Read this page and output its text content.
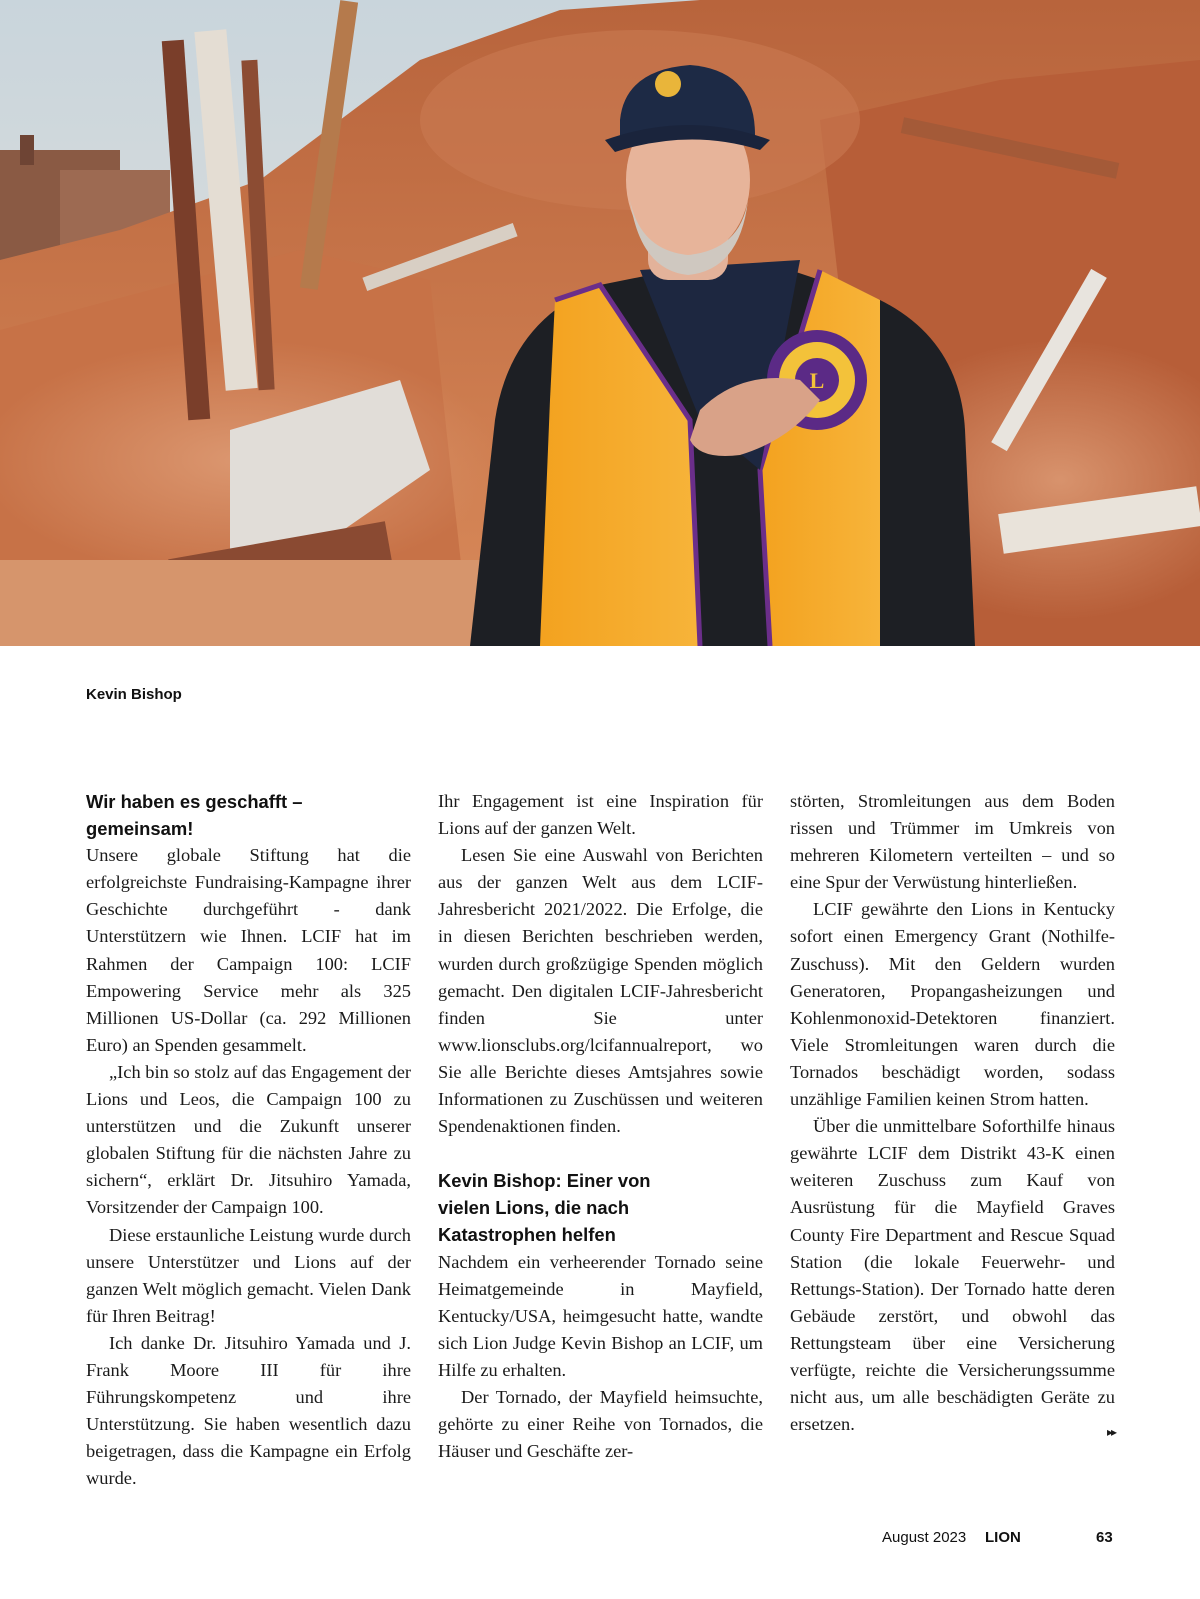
L
Kevin Bishop
Wir haben es geschafft – gemeinsam!

Unsere globale Stiftung hat die erfolgreichste Fundraising-Kampagne ihrer Geschichte durchgeführt - dank Unterstützern wie Ihnen. LCIF hat im Rahmen der Campaign 100: LCIF Empowering Service mehr als 325 Millionen US-Dollar (ca. 292 Millionen Euro) an Spenden gesammelt.

„Ich bin so stolz auf das Engagement der Lions und Leos, die Campaign 100 zu unterstützen und die Zukunft unserer globalen Stiftung für die nächsten Jahre zu sichern“, erklärt Dr. Jitsuhiro Yamada, Vorsitzender der Campaign 100.

Diese erstaunliche Leistung wurde durch unsere Unterstützer und Lions auf der ganzen Welt möglich gemacht. Vielen Dank für Ihren Beitrag!

Ich danke Dr. Jitsuhiro Yamada und J. Frank Moore III für ihre Führungskompetenz und ihre Unterstützung. Sie haben wesentlich dazu beigetragen, dass die Kampagne ein Erfolg wurde.

Ihr Engagement ist eine Inspiration für Lions auf der ganzen Welt.

Lesen Sie eine Auswahl von Berichten aus der ganzen Welt aus dem LCIF-Jahresbericht 2021/2022. Die Erfolge, die in diesen Berichten beschrieben werden, wurden durch großzügige Spenden möglich gemacht. Den digitalen LCIF-Jahresbericht finden Sie unter www.lionsclubs.org/lcifannualreport, wo Sie alle Berichte dieses Amtsjahres sowie Informationen zu Zuschüssen und weiteren Spendenaktionen finden.

Kevin Bishop: Einer von vielen Lions, die nach Katastrophen helfen

Nachdem ein verheerender Tornado seine Heimatgemeinde in Mayfield, Kentucky/USA, heimgesucht hatte, wandte sich Lion Judge Kevin Bishop an LCIF, um Hilfe zu erhalten.

Der Tornado, der Mayfield heimsuchte, gehörte zu einer Reihe von Tornados, die Häuser und Geschäfte zer-

störten, Stromleitungen aus dem Boden rissen und Trümmer im Umkreis von mehreren Kilometern verteilten – und so eine Spur der Verwüstung hinterließen.

LCIF gewährte den Lions in Kentucky sofort einen Emergency Grant (Nothilfe-Zuschuss). Mit den Geldern wurden Generatoren, Propangasheizungen und Kohlenmonoxid-Detektoren finanziert. Viele Stromleitungen waren durch die Tornados beschädigt worden, sodass unzählige Familien keinen Strom hatten.

Über die unmittelbare Soforthilfe hinaus gewährte LCIF dem Distrikt 43-K einen weiteren Zuschuss zum Kauf von Ausrüstung für die Mayfield Graves County Fire Department and Rescue Squad Station (die lokale Feuerwehr- und Rettungs-Station). Der Tornado hatte deren Gebäude zerstört, und obwohl das Rettungsteam über eine Versicherung verfügte, reichte die Versicherungssumme nicht aus, um alle beschädigten Geräte zu ersetzen.	▸▸

August 2023 LION	63
